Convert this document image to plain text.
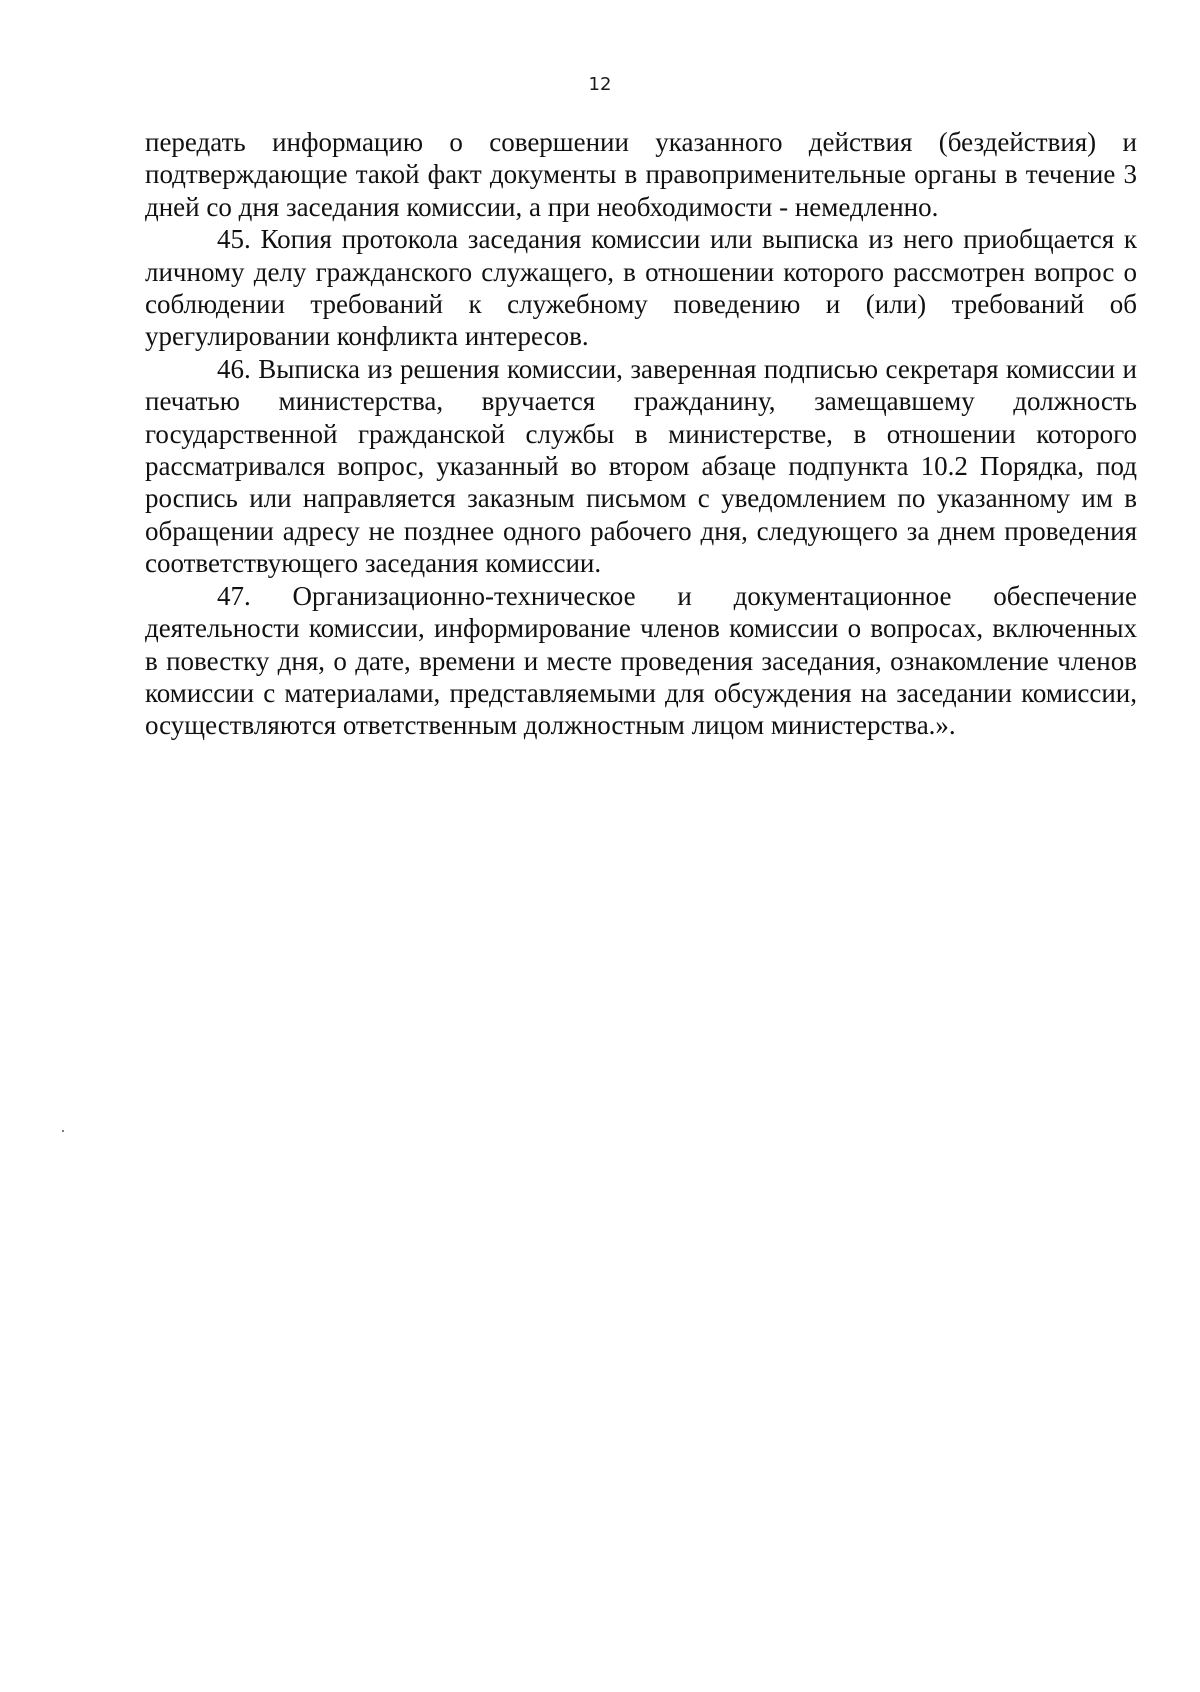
12

передать информацию о совершении указанного действия (бездействия) и подтверждающие такой факт документы в правоприменительные органы в течение 3 дней со дня заседания комиссии, а при необходимости - немедленно.

45. Копия протокола заседания комиссии или выписка из него приобщается к личному делу гражданского служащего, в отношении которого рассмотрен вопрос о соблюдении требований к служебному поведению и (или) требований об урегулировании конфликта интересов.

46. Выписка из решения комиссии, заверенная подписью секретаря комиссии и печатью министерства, вручается гражданину, замещавшему должность государственной гражданской службы в министерстве, в отношении которого рассматривался вопрос, указанный во втором абзаце подпункта 10.2 Порядка, под роспись или направляется заказным письмом с уведомлением по указанному им в обращении адресу не позднее одного рабочего дня, следующего за днем проведения соответствующего заседания комиссии.

47. Организационно-техническое и документационное обеспечение деятельности комиссии, информирование членов комиссии о вопросах, включенных в повестку дня, о дате, времени и месте проведения заседания, ознакомление членов комиссии с материалами, представляемыми для обсуждения на заседании комиссии, осуществляются ответственным должностным лицом министерства.».
